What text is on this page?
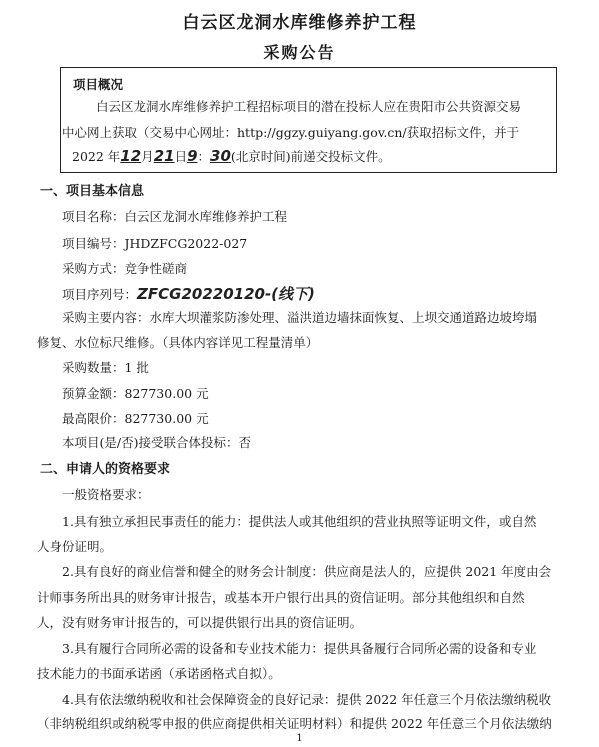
白云区龙洞水库维修养护工程
采购公告
项目概况
白云区龙洞水库维修养护工程招标项目的潜在投标人应在贵阳市公共资源交易
中心网上获取（交易中心网址：http://ggzy.guiyang.gov.cn/获取招标文件，并于
2022 年12月21日9：30(北京时间)前递交投标文件。
一、项目基本信息
项目名称：白云区龙洞水库维修养护工程
项目编号：JHDZFCG2022-027
采购方式：竞争性磋商
项目序列号：ZFCG20220120-(线下)
采购主要内容：水库大坝灌浆防渗处理、溢洪道边墙抹面恢复、上坝交通道路边坡垮塌
修复、水位标尺维修。（具体内容详见工程量清单）
采购数量：1 批
预算金额：827730.00 元
最高限价：827730.00 元
本项目(是/否)接受联合体投标：否
二、申请人的资格要求
一般资格要求：
1.具有独立承担民事责任的能力：提供法人或其他组织的营业执照等证明文件，或自然
人身份证明。
2.具有良好的商业信誉和健全的财务会计制度：供应商是法人的，应提供 2021 年度由会
计师事务所出具的财务审计报告，或基本开户银行出具的资信证明。部分其他组织和自然
人，没有财务审计报告的，可以提供银行出具的资信证明。
3.具有履行合同所必需的设备和专业技术能力：提供具备履行合同所必需的设备和专业
技术能力的书面承诺函（承诺函格式自拟）。
4.具有依法缴纳税收和社会保障资金的良好记录：提供 2022 年任意三个月依法缴纳税收
（非纳税组织或纳税零申报的供应商提供相关证明材料）和提供 2022 年任意三个月依法缴纳
1
